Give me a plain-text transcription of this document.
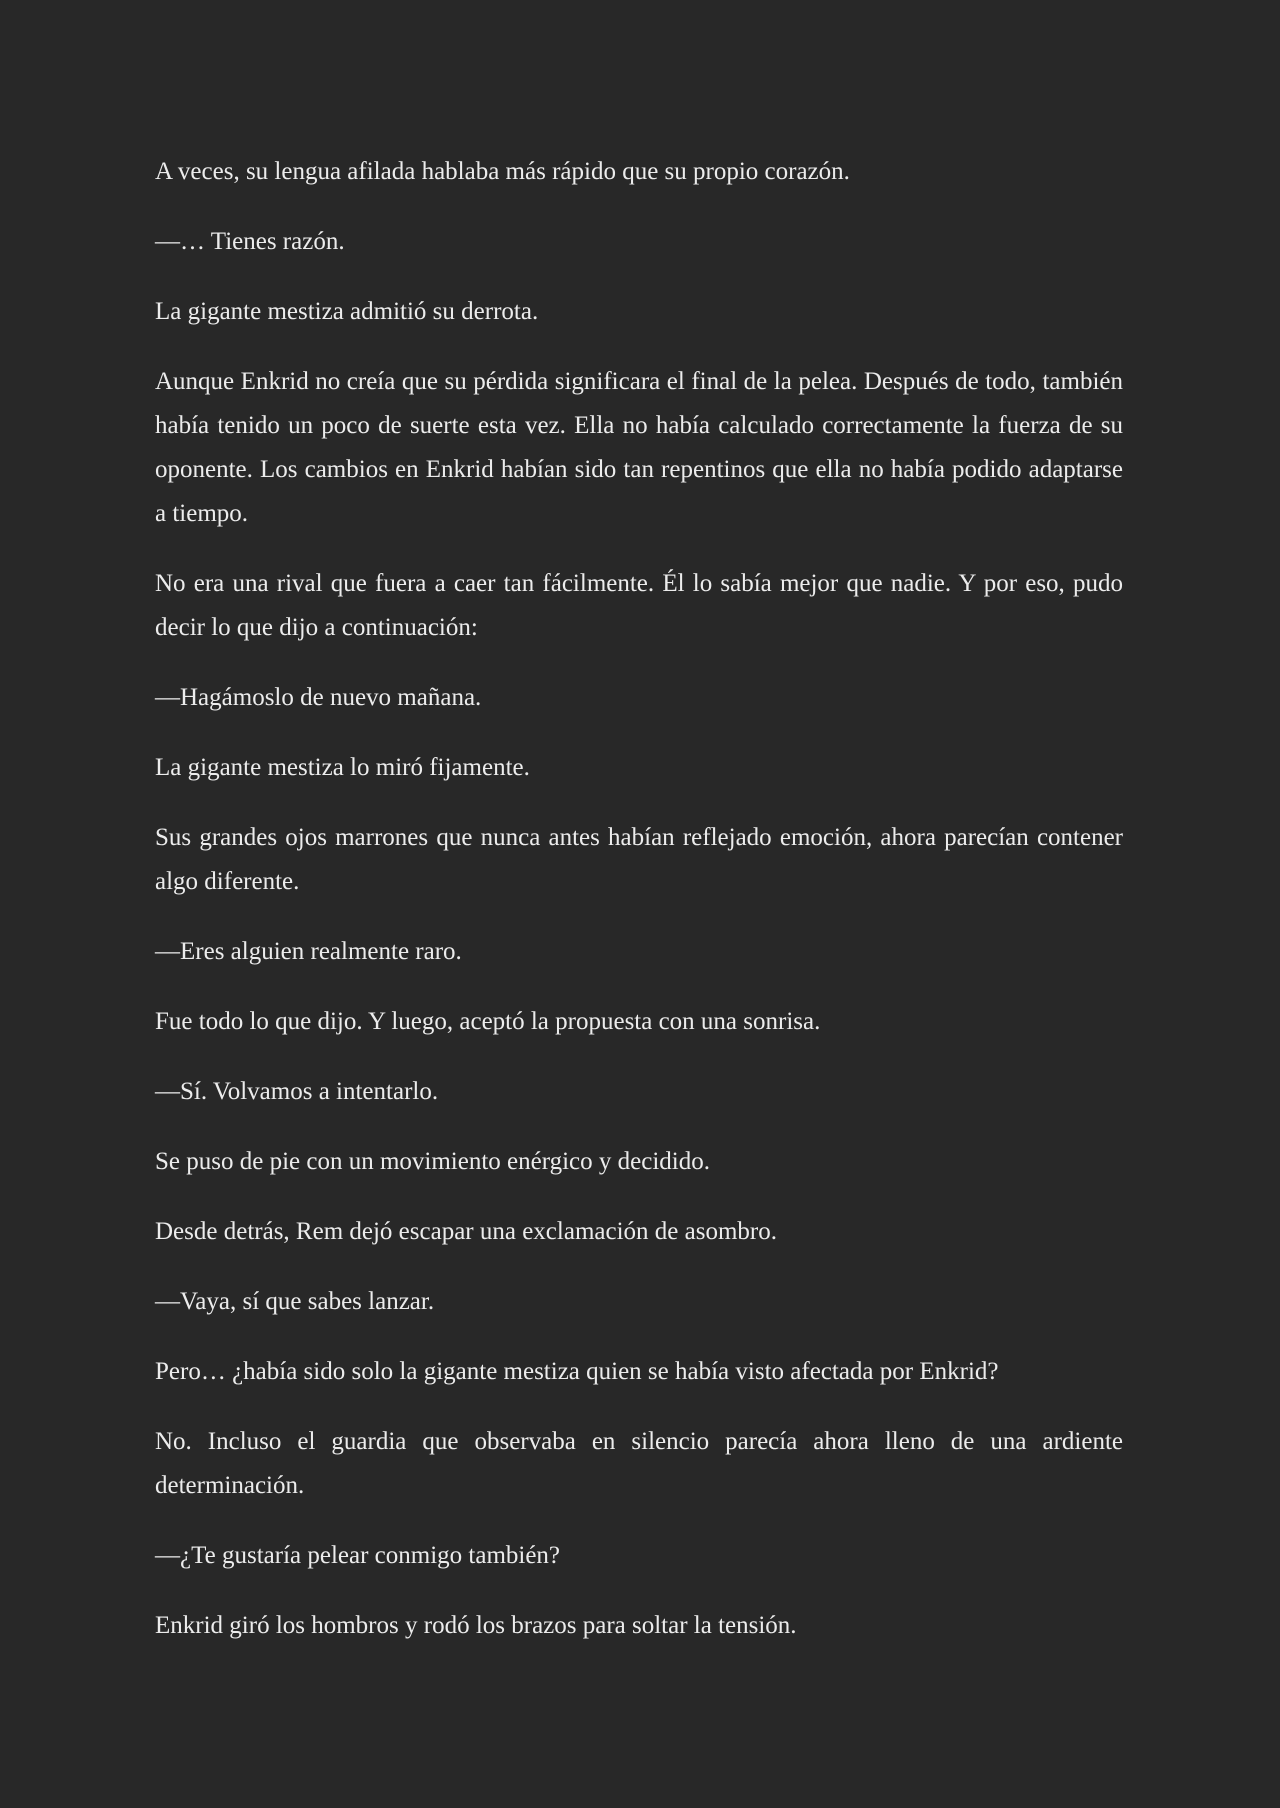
A veces, su lengua afilada hablaba más rápido que su propio corazón.

—… Tienes razón.

La gigante mestiza admitió su derrota.

Aunque Enkrid no creía que su pérdida significara el final de la pelea. Después de todo, también había tenido un poco de suerte esta vez. Ella no había calculado correctamente la fuerza de su oponente. Los cambios en Enkrid habían sido tan repentinos que ella no había podido adaptarse a tiempo.

No era una rival que fuera a caer tan fácilmente. Él lo sabía mejor que nadie. Y por eso, pudo decir lo que dijo a continuación:

—Hagámoslo de nuevo mañana.

La gigante mestiza lo miró fijamente.

Sus grandes ojos marrones que nunca antes habían reflejado emoción, ahora parecían contener algo diferente.

—Eres alguien realmente raro.

Fue todo lo que dijo. Y luego, aceptó la propuesta con una sonrisa.

—Sí. Volvamos a intentarlo.

Se puso de pie con un movimiento enérgico y decidido.

Desde detrás, Rem dejó escapar una exclamación de asombro.

—Vaya, sí que sabes lanzar.

Pero… ¿había sido solo la gigante mestiza quien se había visto afectada por Enkrid?

No. Incluso el guardia que observaba en silencio parecía ahora lleno de una ardiente determinación.

—¿Te gustaría pelear conmigo también?

Enkrid giró los hombros y rodó los brazos para soltar la tensión.
